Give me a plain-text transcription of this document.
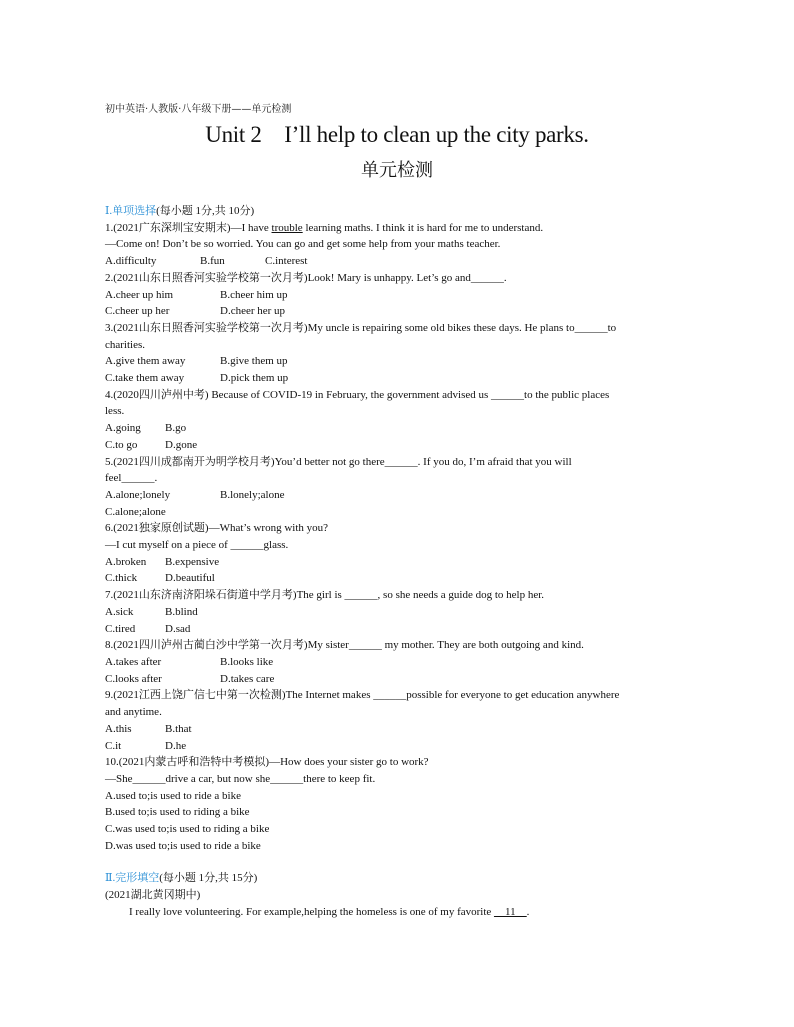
初中英语·人教版·八年级下册——单元检测
Unit 2 I’ll help to clean up the city parks.
单元检测
Ⅰ.单项选择(每小题 1分,共 10分)
1.(2021广东深圳宝安期末)—I have trouble learning maths. I think it is hard for me to understand.
—Come on! Don’t be so worried. You can go and get some help from your maths teacher.
A.difficulty	B.fun	C.interest
2.(2021山东日照香河实验学校第一次月考)Look! Mary is unhappy. Let’s go and______.
A.cheer up him	B.cheer him up
C.cheer up her	D.cheer her up
3.(2021山东日照香河实验学校第一次月考)My uncle is repairing some old bikes these days. He plans to______to
charities.
A.give them away	B.give them up
C.take them away	D.pick them up
4.(2020四川泸州中考) Because of COVID-19 in February, the government advised us ______to the public places
less.
A.going B.go
C.to go	D.gone
5.(2021四川成都南开为明学校月考)You’d better not go there______. If you do, I’m afraid that you will
feel______.
A.alone;lonely	B.lonely;alone
C.alone;alone
6.(2021独家原创试题)—What’s wrong with you?
—I cut myself on a piece of ______glass.
A.broken B.expensive
C.thick	D.beautiful
7.(2021山东济南济阳垛石街道中学月考)The girl is ______, so she needs a guide dog to help her.
A.sick	B.blind
C.tired	D.sad
8.(2021四川泸州古蔺白沙中学第一次月考)My sister______ my mother. They are both outgoing and kind.
A.takes after	B.looks like
C.looks after	D.takes care
9.(2021江西上饶广信七中第一次检测)The Internet makes ______possible for everyone to get education anywhere
and anytime.
A.this	B.that
C.it	D.he
10.(2021内蒙古呼和浩特中考模拟)—How does your sister go to work?
—She______drive a car, but now she______there to keep fit.
A.used to;is used to ride a bike
B.used to;is used to riding a bike
C.was used to;is used to riding a bike
D.was used to;is used to ride a bike
Ⅱ.完形填空(每小题 1分,共 15分)
(2021湖北黄冈期中)
I really love volunteering. For example,helping the homeless is one of my favorite __11__.
